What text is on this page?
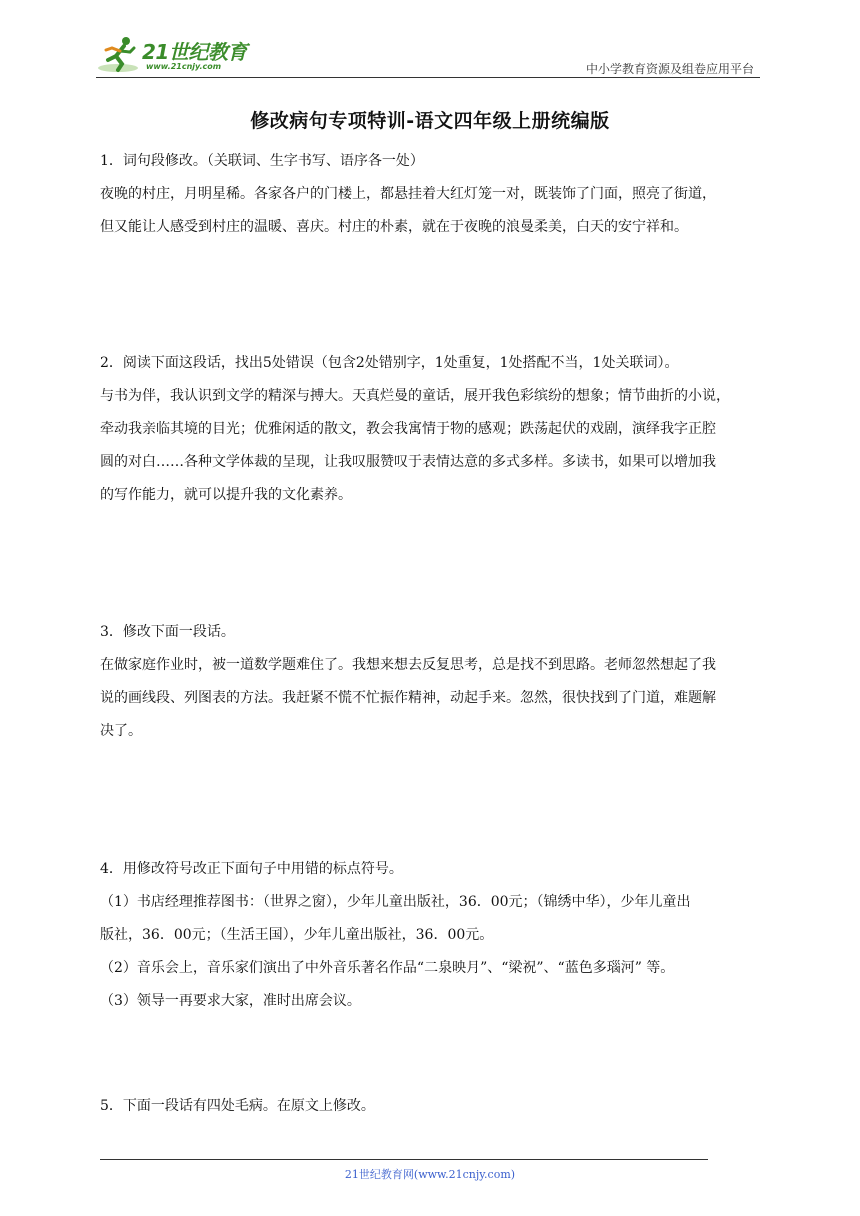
21世纪教育
www.21cnjy.com	中小学教育资源及组卷应用平台
修改病句专项特训-语文四年级上册统编版

1．词句段修改。（关联词、生字书写、语序各一处）

夜晚的村庄，月明星稀。各家各户的门楼上，都悬挂着大红灯笼一对，既装饰了门面，照亮了街道，

但又能让人感受到村庄的温暖、喜庆。村庄的朴素，就在于夜晚的浪曼柔美，白天的安宁祥和。

2．阅读下面这段话，找出5处错误（包含2处错别字，1处重复，1处搭配不当，1处关联词）。

与书为伴，我认识到文学的精深与搏大。天真烂曼的童话，展开我色彩缤纷的想象；情节曲折的小说，

牵动我亲临其境的目光；优雅闲适的散文，教会我寓情于物的感观；跌荡起伏的戏剧，演绎我字正腔

圆的对白……各种文学体裁的呈现，让我叹服赞叹于表情达意的多式多样。多读书，如果可以增加我

的写作能力，就可以提升我的文化素养。

3．修改下面一段话。

在做家庭作业时，被一道数学题难住了。我想来想去反复思考，总是找不到思路。老师忽然想起了我

说的画线段、列图表的方法。我赶紧不慌不忙振作精神，动起手来。忽然，很快找到了门道，难题解

决了。

4．用修改符号改正下面句子中用错的标点符号。

（1）书店经理推荐图书：（世界之窗），少年儿童出版社，36．00元；（锦绣中华），少年儿童出

版社，36．00元；（生活王国），少年儿童出版社，36．00元。

（2）音乐会上，音乐家们演出了中外音乐著名作品“二泉映月”、“梁祝”、“蓝色多瑙河” 等。

（3）领导一再要求大家，准时出席会议。

5．下面一段话有四处毛病。在原文上修改。

21世纪教育网(www.21cnjy.com)
